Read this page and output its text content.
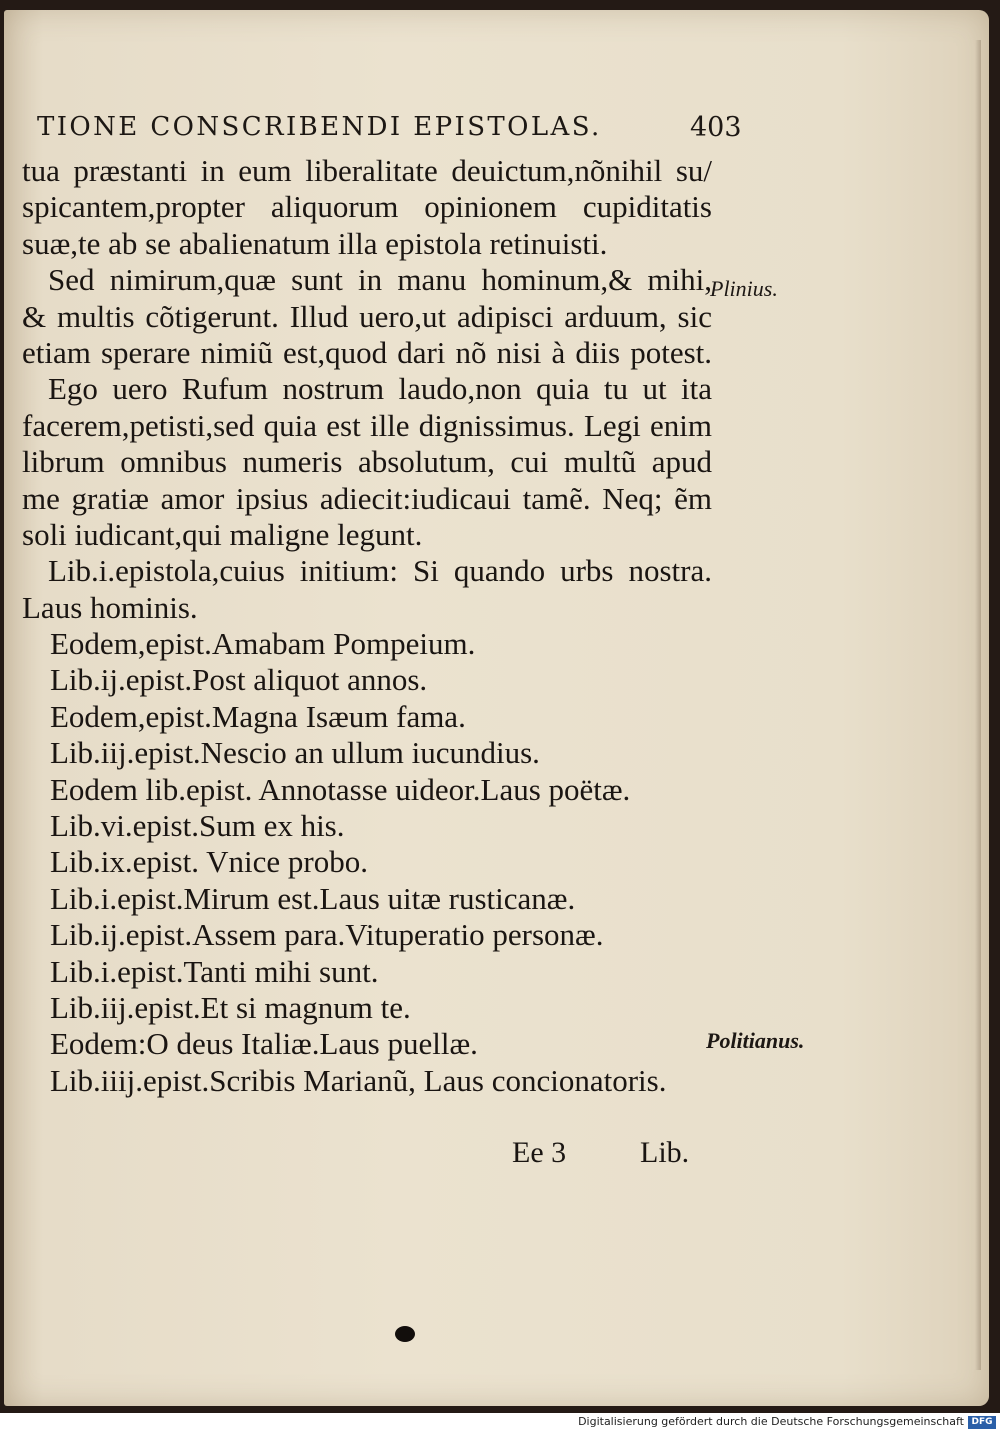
TIONE CONSCRIBENDI EPISTOLAS.	403
tua præstanti in eum liberalitate deuictum,nõnihil su/
spicantem,propter aliquorum opinionem cupiditatis
suæ,te ab se abalienatum illa epistola retinuisti.
Sed nimirum,quæ sunt in manu hominum,& mihi,
& multis cõtigerunt. Illud uero,ut adipisci arduum, sic
etiam sperare nimiũ est,quod dari nõ nisi à diis potest.
Ego uero Rufum nostrum laudo,non quia tu ut ita
facerem,petisti,sed quia est ille dignissimus. Legi enim
librum omnibus numeris absolutum, cui multũ apud
me gratiæ amor ipsius adiecit:iudicaui tamẽ. Neq; ẽm
soli iudicant,qui maligne legunt.
Lib.i.epistola,cuius initium: Si quando urbs nostra.
Laus hominis.
Eodem,epist.Amabam Pompeium.
Lib.ij.epist.Post aliquot annos.
Eodem,epist.Magna Isæum fama.
Lib.iij.epist.Nescio an ullum iucundius.
Eodem lib.epist. Annotasse uideor.Laus poëtæ.
Lib.vi.epist.Sum ex his.
Lib.ix.epist. Vnice probo.
Lib.i.epist.Mirum est.Laus uitæ rusticanæ.
Lib.ij.epist.Assem para.Vituperatio personæ.
Lib.i.epist.Tanti mihi sunt.
Lib.iij.epist.Et si magnum te.
Eodem:O deus Italiæ.Laus puellæ.
Lib.iiij.epist.Scribis Marianũ, Laus concionatoris.
Plinius.
Politianus.
Ee 3 Lib.
Digitalisierung gefördert durch die Deutsche Forschungsgemeinschaft DFG
